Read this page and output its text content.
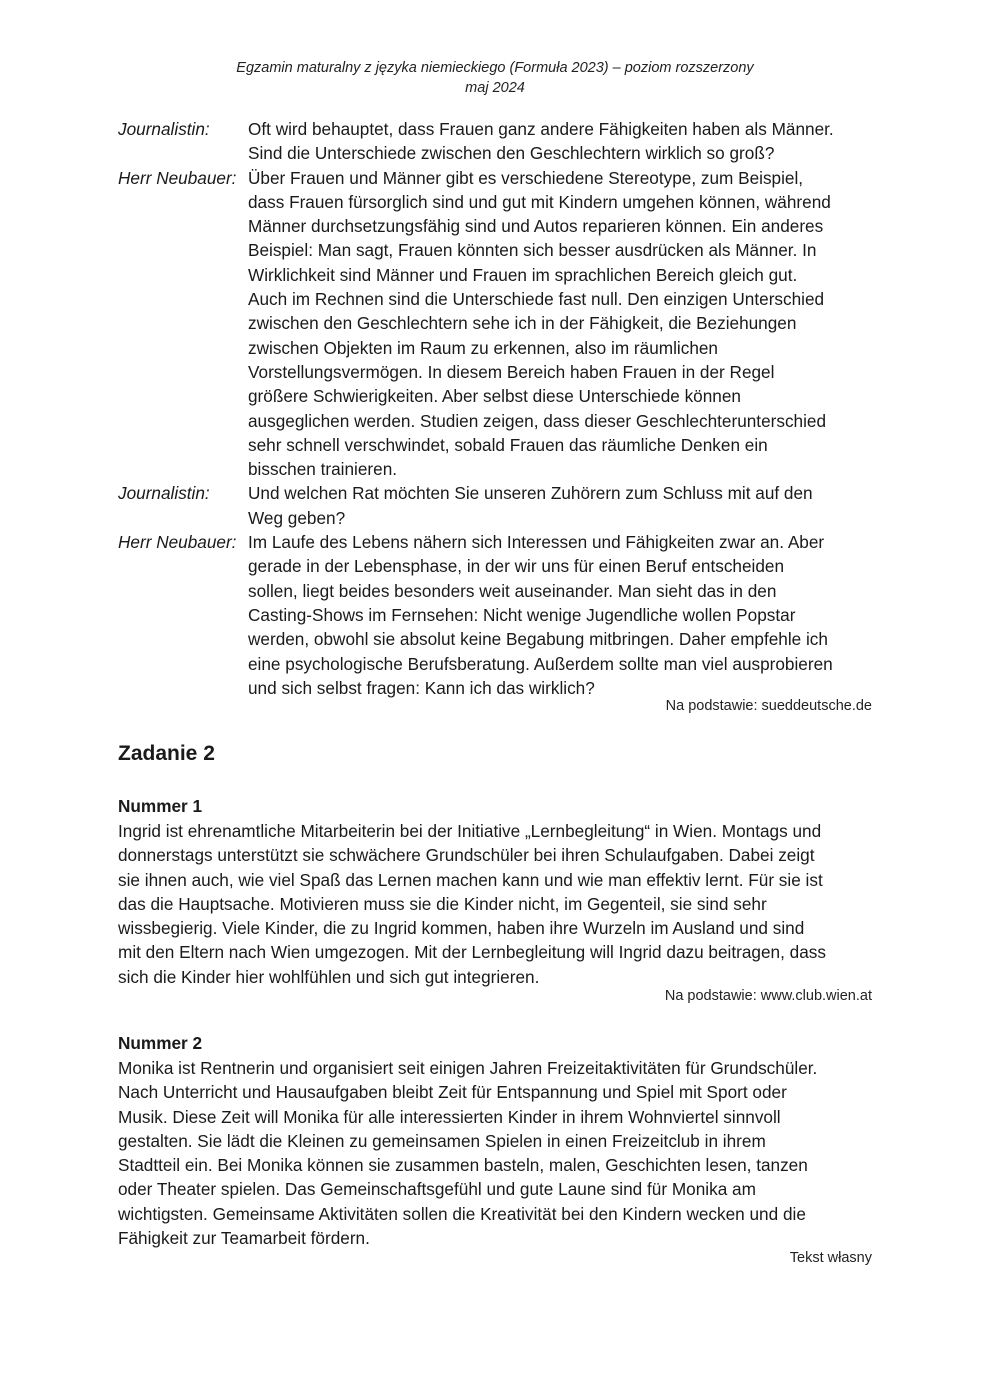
Egzamin maturalny z języka niemieckiego (Formuła 2023) – poziom rozszerzony
maj 2024
Journalistin:	Oft wird behauptet, dass Frauen ganz andere Fähigkeiten haben als Männer.
Sind die Unterschiede zwischen den Geschlechtern wirklich so groß?
Herr Neubauer: Über Frauen und Männer gibt es verschiedene Stereotype, zum Beispiel,
dass Frauen fürsorglich sind und gut mit Kindern umgehen können, während
Männer durchsetzungsfähig sind und Autos reparieren können. Ein anderes
Beispiel: Man sagt, Frauen könnten sich besser ausdrücken als Männer. In
Wirklichkeit sind Männer und Frauen im sprachlichen Bereich gleich gut.
Auch im Rechnen sind die Unterschiede fast null. Den einzigen Unterschied
zwischen den Geschlechtern sehe ich in der Fähigkeit, die Beziehungen
zwischen Objekten im Raum zu erkennen, also im räumlichen
Vorstellungsvermögen. In diesem Bereich haben Frauen in der Regel
größere Schwierigkeiten. Aber selbst diese Unterschiede können
ausgeglichen werden. Studien zeigen, dass dieser Geschlechterunterschied
sehr schnell verschwindet, sobald Frauen das räumliche Denken ein
bisschen trainieren.
Journalistin:	Und welchen Rat möchten Sie unseren Zuhörern zum Schluss mit auf den
Weg geben?
Herr Neubauer: Im Laufe des Lebens nähern sich Interessen und Fähigkeiten zwar an. Aber
gerade in der Lebensphase, in der wir uns für einen Beruf entscheiden
sollen, liegt beides besonders weit auseinander. Man sieht das in den
Casting-Shows im Fernsehen: Nicht wenige Jugendliche wollen Popstar
werden, obwohl sie absolut keine Begabung mitbringen. Daher empfehle ich
eine psychologische Berufsberatung. Außerdem sollte man viel ausprobieren
und sich selbst fragen: Kann ich das wirklich?
Na podstawie: sueddeutsche.de
Zadanie 2
Nummer 1
Ingrid ist ehrenamtliche Mitarbeiterin bei der Initiative „Lernbegleitung“ in Wien. Montags und
donnerstags unterstützt sie schwächere Grundschüler bei ihren Schulaufgaben. Dabei zeigt
sie ihnen auch, wie viel Spaß das Lernen machen kann und wie man effektiv lernt. Für sie ist
das die Hauptsache. Motivieren muss sie die Kinder nicht, im Gegenteil, sie sind sehr
wissbegierig. Viele Kinder, die zu Ingrid kommen, haben ihre Wurzeln im Ausland und sind
mit den Eltern nach Wien umgezogen. Mit der Lernbegleitung will Ingrid dazu beitragen, dass
sich die Kinder hier wohlfühlen und sich gut integrieren.
Na podstawie: www.club.wien.at
Nummer 2
Monika ist Rentnerin und organisiert seit einigen Jahren Freizeitaktivitäten für Grundschüler.
Nach Unterricht und Hausaufgaben bleibt Zeit für Entspannung und Spiel mit Sport oder
Musik. Diese Zeit will Monika für alle interessierten Kinder in ihrem Wohnviertel sinnvoll
gestalten. Sie lädt die Kleinen zu gemeinsamen Spielen in einen Freizeitclub in ihrem
Stadtteil ein. Bei Monika können sie zusammen basteln, malen, Geschichten lesen, tanzen
oder Theater spielen. Das Gemeinschaftsgefühl und gute Laune sind für Monika am
wichtigsten. Gemeinsame Aktivitäten sollen die Kreativität bei den Kindern wecken und die
Fähigkeit zur Teamarbeit fördern.
Tekst własny
